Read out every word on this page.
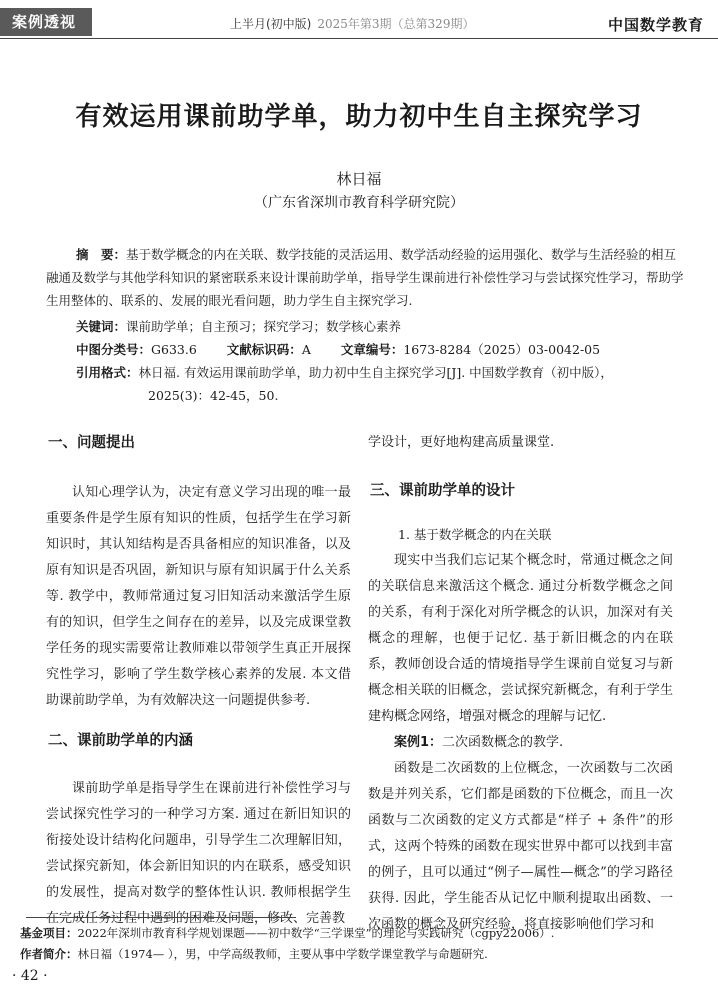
案例透视	上半月(初中版) 2025年第3期（总第329期）	中国数学教育
有效运用课前助学单，助力初中生自主探究学习
林日福
（广东省深圳市教育科学研究院）
摘　要：基于数学概念的内在关联、数学技能的灵活运用、数学活动经验的运用强化、数学与生活经验的相互融通及数学与其他学科知识的紧密联系来设计课前助学单，指导学生课前进行补偿性学习与尝试探究性学习，帮助学生用整体的、联系的、发展的眼光看问题，助力学生自主探究学习.
关键词：课前助学单；自主预习；探究学习；数学核心素养
中图分类号：G633.6 文献标识码：A 文章编号：1673-8284（2025）03-0042-05
引用格式：林日福. 有效运用课前助学单，助力初中生自主探究学习[J]. 中国数学教育（初中版），
2025(3)：42-45，50.

一、问题提出

认知心理学认为，决定有意义学习出现的唯一最重要条件是学生原有知识的性质，包括学生在学习新知识时，其认知结构是否具备相应的知识准备，以及原有知识是否巩固，新知识与原有知识属于什么关系等. 教学中，教师常通过复习旧知活动来激活学生原有的知识，但学生之间存在的差异，以及完成课堂教学任务的现实需要常让教师难以带领学生真正开展探究性学习，影响了学生数学核心素养的发展. 本文借助课前助学单，为有效解决这一问题提供参考.

二、课前助学单的内涵

课前助学单是指导学生在课前进行补偿性学习与尝试探究性学习的一种学习方案. 通过在新旧知识的衔接处设计结构化问题串，引导学生二次理解旧知，尝试探究新知，体会新旧知识的内在联系，感受知识的发展性，提高对数学的整体性认识. 教师根据学生在完成任务过程中遇到的困难及问题，修改、完善教

学设计，更好地构建高质量课堂.

三、课前助学单的设计

1. 基于数学概念的内在关联

现实中当我们忘记某个概念时，常通过概念之间的关联信息来激活这个概念. 通过分析数学概念之间的关系，有利于深化对所学概念的认识，加深对有关概念的理解，也便于记忆. 基于新旧概念的内在联系，教师创设合适的情境指导学生课前自觉复习与新概念相关联的旧概念，尝试探究新概念，有利于学生建构概念网络，增强对概念的理解与记忆.

案例1：二次函数概念的教学.

函数是二次函数的上位概念，一次函数与二次函数是并列关系，它们都是函数的下位概念，而且一次函数与二次函数的定义方式都是“样子 + 条件”的形式，这两个特殊的函数在现实世界中都可以找到丰富的例子，且可以通过“例子—属性—概念”的学习路径获得. 因此，学生能否从记忆中顺利提取出函数、一次函数的概念及研究经验，将直接影响他们学习和

基金项目：2022年深圳市教育科学规划课题——初中数学“三学课堂”的理论与实践研究（cgpy22006）.
作者简介：林日福（1974— ），男，中学高级教师，主要从事中学数学课堂教学与命题研究.
· 42 ·
